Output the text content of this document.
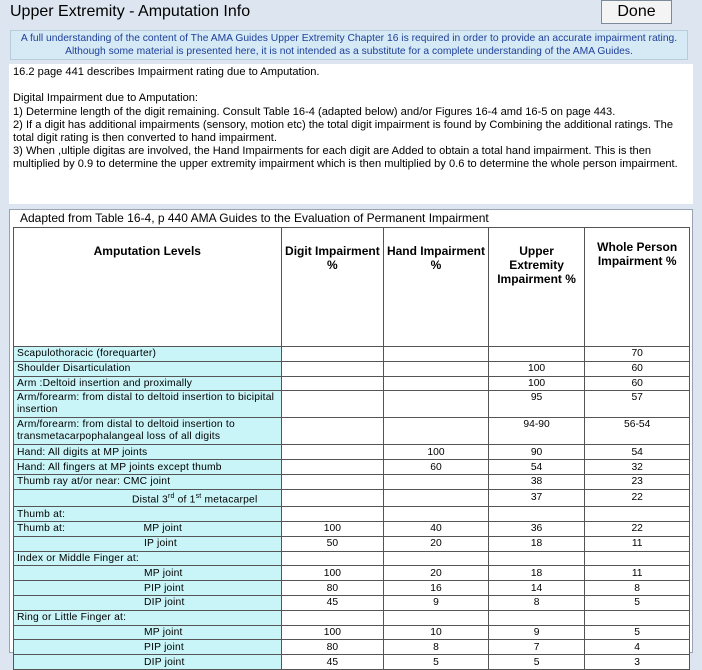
Upper Extremity - Amputation Info	Done
A full understanding of the content of The AMA Guides Upper Extremity Chapter 16 is required in order to provide an accurate impairment rating. Although some material is presented here, it is not intended as a substitute for a complete understanding of the AMA Guides.

16.2 page 441 describes Impairment rating due to Amputation.

Digital Impairment due to Amputation:

1) Determine length of the digit remaining. Consult Table 16-4 (adapted below) and/or Figures 16-4 amd 16-5 on page 443.

2) If a digit has additional impairments (sensory, motion etc) the total digit impairment is found by Combining the additional ratings. The total digit rating is then converted to hand impairment.

3) When ,ultiple digitas are involved, the Hand Impairments for each digit are Added to obtain a total hand impairment. This is then multiplied by 0.9 to determine the upper extremity impairment which is then multiplied by 0.6 to determine the whole person impairment.

Adapted from Table 16-4, p 440 AMA Guides to the Evaluation of Permanent Impairment
Amputation Levels	Digit Impairment %	Hand Impairment %	Upper Extremity Impairment %	Whole Person Impairment %
Scapulothoracic (forequarter)				70
Shoulder Disarticulation			100	60
Arm :Deltoid insertion and proximally			100	60
Arm/forearm: from distal to deltoid insertion to bicipital insertion			95	57
Arm/forearm: from distal to deltoid insertion to transmetacarpophalangeal loss of all digits			94-90	56-54
Hand: All digits at MP joints		100	90	54
Hand: All fingers at MP joints except thumb		60	54	32
Thumb ray at/or near: CMC joint			38	23
Distal 3rd of 1st metacarpel			37	22
Thumb at:				
Thumb at: MP joint	100	40	36	22
IP joint	50	20	18	11
Index or Middle Finger at:				
MP joint	100	20	18	11
PIP joint	80	16	14	8
DIP joint	45	9	8	5
Ring or Little Finger at:				
MP joint	100	10	9	5
PIP joint	80	8	7	4
DIP joint	45	5	5	3
